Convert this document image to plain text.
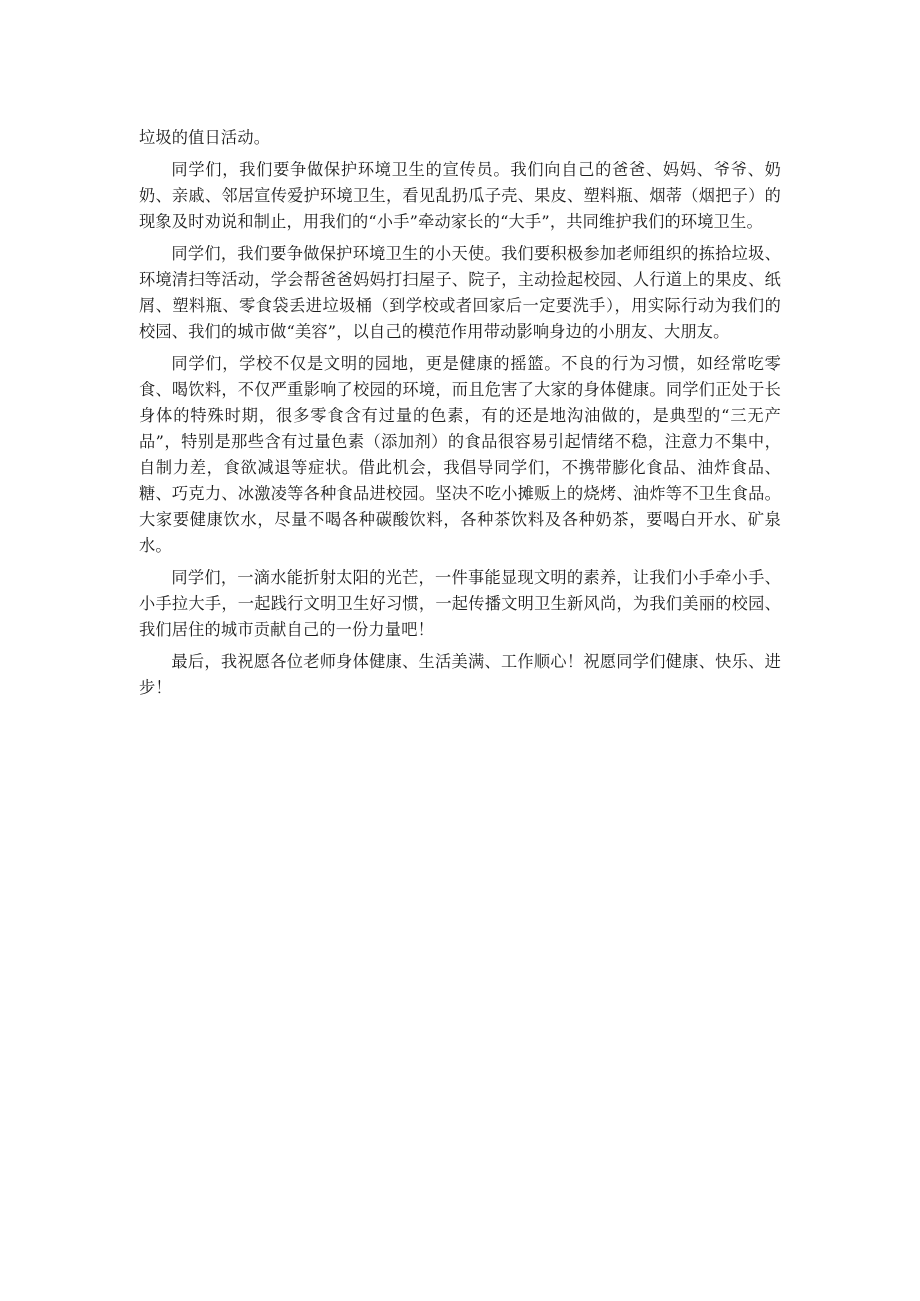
垃圾的值日活动。

同学们，我们要争做保护环境卫生的宣传员。我们向自己的爸爸、妈妈、爷爷、奶奶、亲戚、邻居宣传爱护环境卫生，看见乱扔瓜子壳、果皮、塑料瓶、烟蒂（烟把子）的现象及时劝说和制止，用我们的“小手”牵动家长的“大手”，共同维护我们的环境卫生。

同学们，我们要争做保护环境卫生的小天使。我们要积极参加老师组织的拣拾垃圾、环境清扫等活动，学会帮爸爸妈妈打扫屋子、院子，主动捡起校园、人行道上的果皮、纸屑、塑料瓶、零食袋丢进垃圾桶（到学校或者回家后一定要洗手），用实际行动为我们的校园、我们的城市做“美容”，以自己的模范作用带动影响身边的小朋友、大朋友。

同学们，学校不仅是文明的园地，更是健康的摇篮。不良的行为习惯，如经常吃零食、喝饮料，不仅严重影响了校园的环境，而且危害了大家的身体健康。同学们正处于长身体的特殊时期，很多零食含有过量的色素，有的还是地沟油做的，是典型的“三无产品”，特别是那些含有过量色素（添加剂）的食品很容易引起情绪不稳，注意力不集中，自制力差，食欲减退等症状。借此机会，我倡导同学们，不携带膨化食品、油炸食品、糖、巧克力、冰激凌等各种食品进校园。坚决不吃小摊贩上的烧烤、油炸等不卫生食品。大家要健康饮水，尽量不喝各种碳酸饮料，各种茶饮料及各种奶茶，要喝白开水、矿泉水。

同学们，一滴水能折射太阳的光芒，一件事能显现文明的素养，让我们小手牵小手、小手拉大手，一起践行文明卫生好习惯，一起传播文明卫生新风尚，为我们美丽的校园、我们居住的城市贡献自己的一份力量吧！

最后，我祝愿各位老师身体健康、生活美满、工作顺心！祝愿同学们健康、快乐、进步！
